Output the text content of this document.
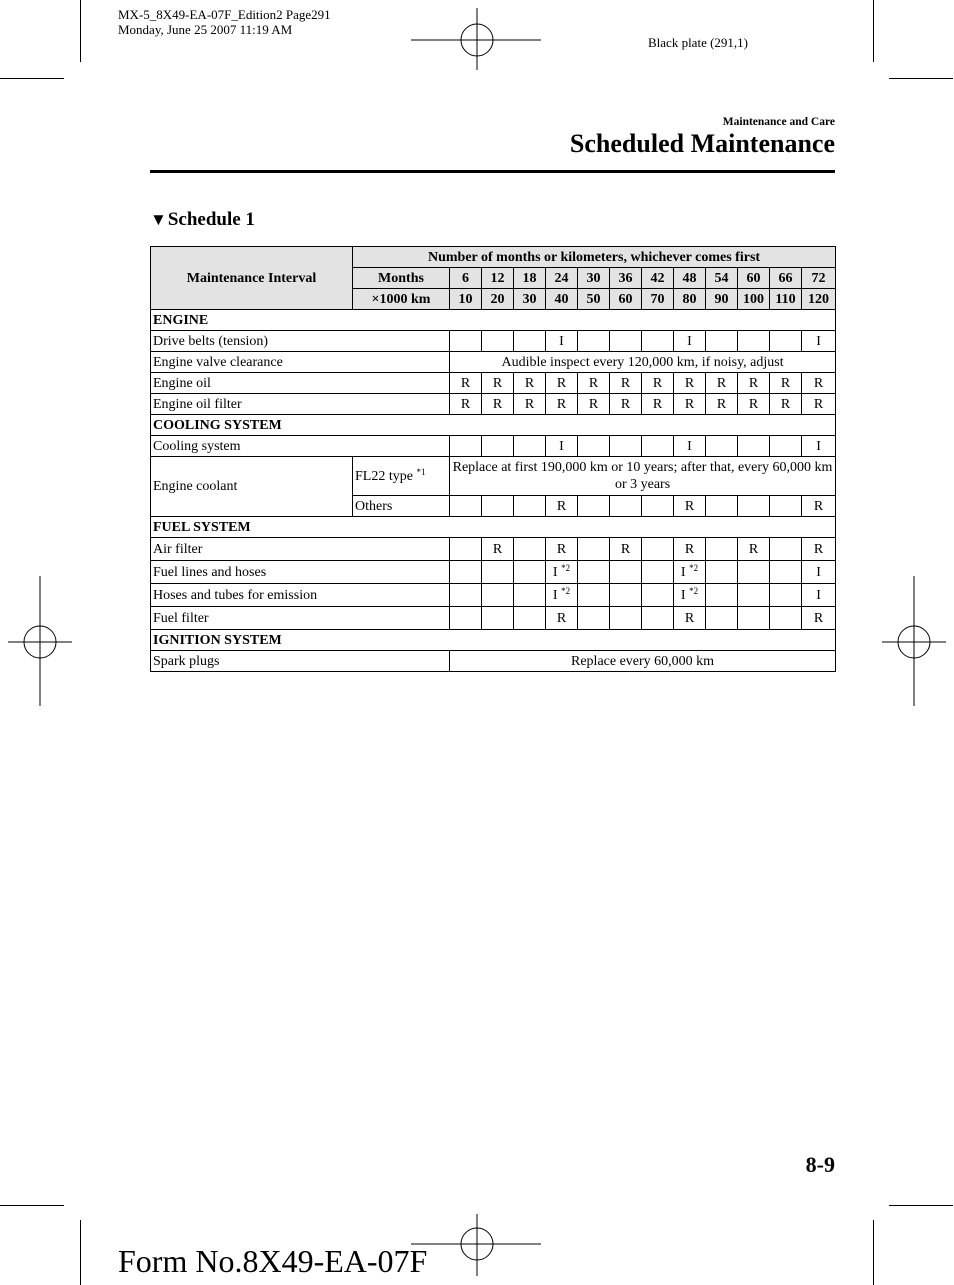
MX-5_8X49-EA-07F_Edition2 Page291
Monday, June 25 2007 11:19 AM
Black plate (291,1)
Maintenance and Care
Scheduled Maintenance
▼Schedule 1
Maintenance Interval	Number of months or kilometers, whichever comes first												
	Months	6	12	18	24	30	36	42	48	54	60	66	72
	×1000 km	10	20	30	40	50	60	70	80	90	100	110	120
ENGINE													
Drive belts (tension)					I				I				I
Engine valve clearance		Audible inspect every 120,000 km, if noisy, adjust											
Engine oil		R	R	R	R	R	R	R	R	R	R	R	R
Engine oil filter		R	R	R	R	R	R	R	R	R	R	R	R
COOLING SYSTEM													
Cooling system					I				I				I
Engine coolant	FL22 type $^{*1}$	Replace at first 190,000 km or 10 years; after that, every 60,000 km or 3 years											
	Others				R				R				R
FUEL SYSTEM													
Air filter			R		R		R		R		R		R
Fuel lines and hoses					I $^{*2}$				I $^{*2}$				I
Hoses and tubes for emission					I $^{*2}$				I $^{*2}$				I
Fuel filter					R				R				R
IGNITION SYSTEM													
Spark plugs		Replace every 60,000 km											
8-9
Form No.8X49-EA-07F
